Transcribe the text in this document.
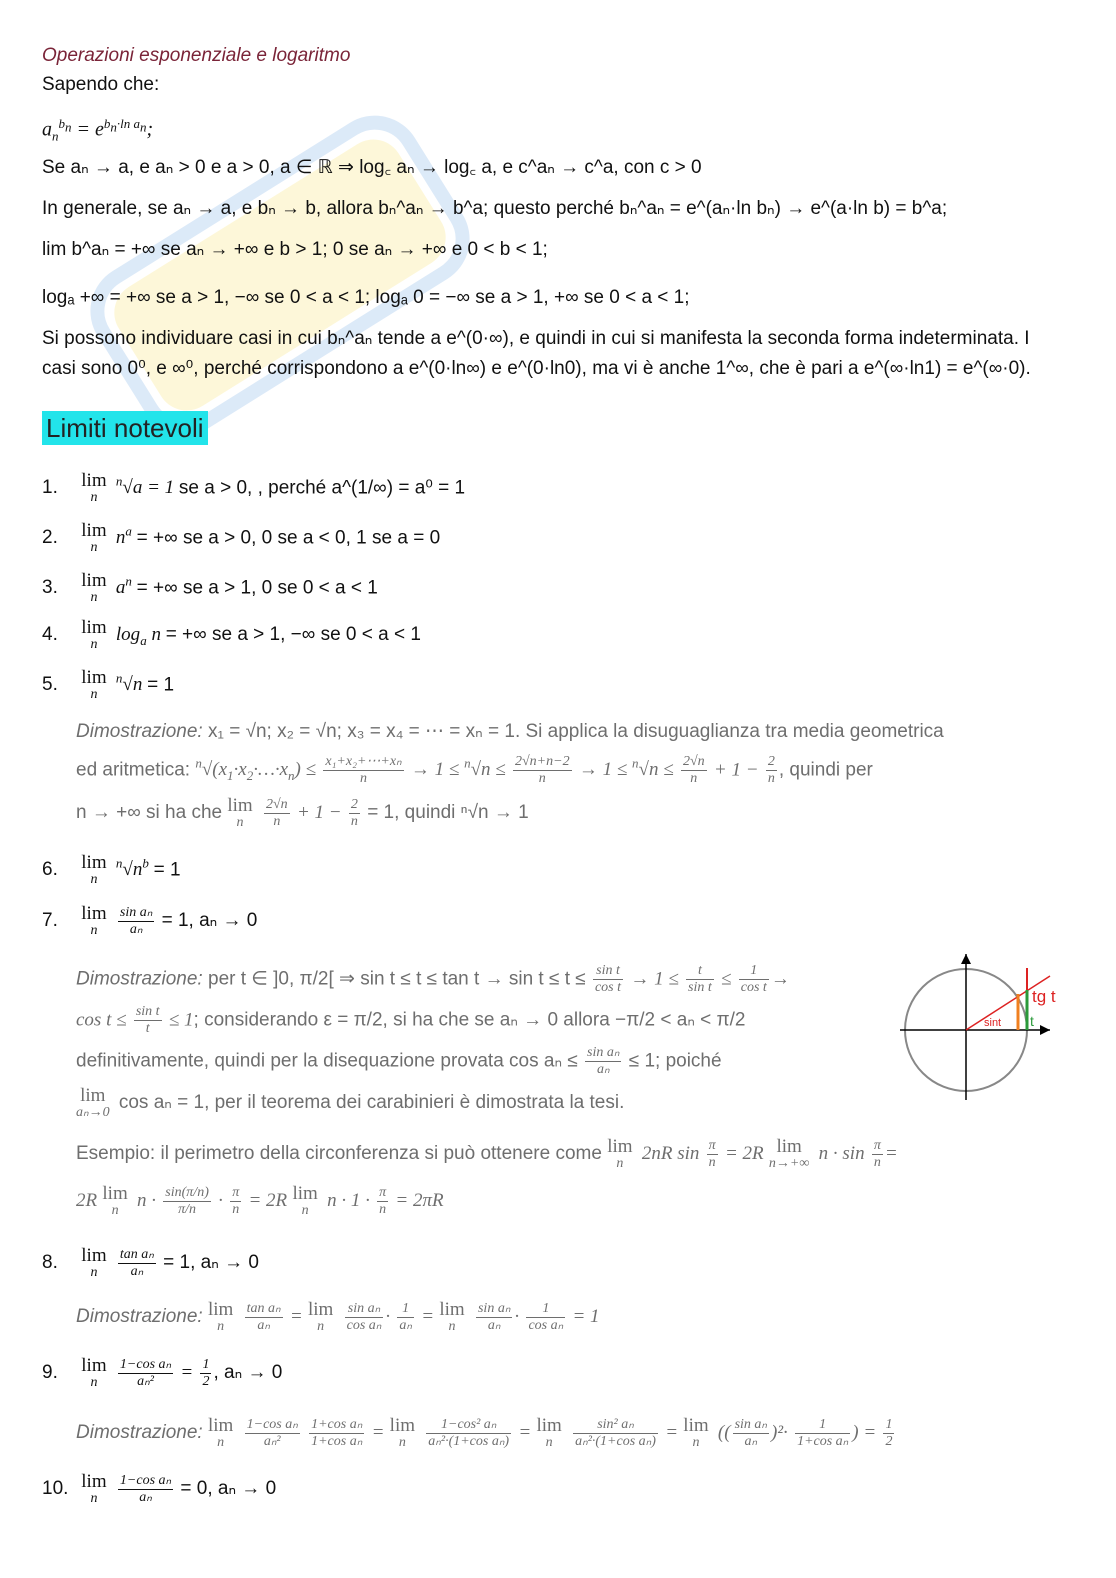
Operazioni esponenziale e logaritmo
Sapendo che:
$a_n^{b_n} = e^{b_n\cdot ln a_n}$;
Se aₙ → a, e aₙ > 0 e a > 0, a ∈ ℝ ⇒ log꜀ aₙ → log꜀ a, e c^aₙ → c^a, con c > 0
In generale, se aₙ → a, e bₙ → b, allora bₙ^aₙ → b^a; questo perché bₙ^aₙ = e^(aₙ·ln bₙ) → e^(a·ln b) = b^a;
lim b^aₙ = +∞ se aₙ → +∞ e b > 1; 0 se aₙ → +∞ e 0 < b < 1;
logₐ +∞ = +∞ se a > 1, −∞ se 0 < a < 1; logₐ 0 = −∞ se a > 1, +∞ se 0 < a < 1;
Si possono individuare casi in cui bₙ^aₙ tende a e^(0·∞), e quindi in cui si manifesta la seconda forma indeterminata. I
casi sono 0⁰, e ∞⁰, perché corrispondono a e^(0·ln∞) e e^(0·ln0), ma vi è anche 1^∞, che è pari a e^(∞·ln1) = e^(∞·0).
Limiti notevoli
1. lim
n
$^n$√a = 1 se a > 0, , perché a^(1/∞) = a⁰ = 1
2. lim
n $n^a$ = +∞ se a > 0, 0 se a < 0, 1 se a = 0
3. lim
n $a^n$ = +∞ se a > 1, 0 se 0 < a < 1
4. lim
n $\log_a n$ = +∞ se a > 1, −∞ se 0 < a < 1
5. lim
n
$^n$√n = 1
Dimostrazione: x₁ = √n; x₂ = √n; x₃ = x₄ = ⋯ = xₙ = 1. Si applica la disuguaglianza tra media geometrica
ed aritmetica: $^n√(x_1\cdot x_2\cdot\dots\cdot x_n) \le \frac{\text{x₁+x₂+⋯+xₙ}}{n} \to 1 \le ^n√n \le \frac{2√n+n-2}{n} \to 1 \le ^n√n \le \frac{2√n}{n} + 1 - \frac{2}{n}$ , quindi per
n → +∞ si ha che lim
n
	$\frac{2√n}{n} + 1 - \frac{2}{n} = 1$, quindi ⁿ√n → 1
6. lim
n
$^n√n^b = 1$
7. lim
n
	$\frac{\text{sin aₙ}}{\text{aₙ}} = 1$, aₙ → 0
Dimostrazione: per t ∈ ]0, π/2[ ⇒ $\sin t \le t \le \tan t \to \sin t \le t \le \frac{\text{sin t}}{\text{cos t}} \to 1 \le \frac{t}{\text{sin t}} \le \frac{1}{\text{cos t}}$ →
$\cos t \le \frac{\text{sin t}}{t} \le 1$; considerando ε = π/2, si ha che se aₙ → 0 allora −π/2 < aₙ < π/2
definitivamente, quindi per la disequazione provata $\cos a_n \le \frac{\text{sin aₙ}}{\text{aₙ}} \le 1$; poiché
lim
aₙ→0 cos aₙ = 1, per il teorema dei carabinieri è dimostrata la tesi.
Esempio: il perimetro della circonferenza si può ottenere come lim
n 2nR $\sin \frac{\pi}{n} = 2R$ lim
n→+∞ $n \cdot \sin \frac{\pi}{n}$ =
2R lim
n $n \cdot \frac{\sin(\pi/n)}{\pi/n} \cdot \frac{\pi}{n} = 2R$ lim
n $n \cdot 1 \cdot \frac{\pi}{n} = 2\pi R$
8. lim
n
	$\frac{\text{tan aₙ}}{\text{aₙ}} = 1$, aₙ → 0
Dimostrazione: lim
n
	$\frac{\text{tan aₙ}}{\text{aₙ}} = \lim$
n
	$\frac{\text{sin aₙ}}{\text{cos aₙ}} \cdot \frac{1}{\text{aₙ}} = \lim$
n
	$\frac{\text{sin aₙ}}{\text{aₙ}} \cdot \frac{1}{\text{cos aₙ}} = 1$
9. lim
n
	$\frac{\text{1−cos aₙ}}{\text{aₙ²}} = \frac{1}{2}$ , aₙ → 0
Dimostrazione: lim
n
	$\frac{\text{1−cos aₙ}}{\text{aₙ²}}$
$\frac{\text{1+cos aₙ}}{\text{1+cos aₙ}} = \lim$
n
	$\frac{\text{1−cos² aₙ}}{\text{aₙ²·(1+cos aₙ)}} = \lim$
n
	$\frac{\text{sin² aₙ}}{\text{aₙ²·(1+cos aₙ)}} = \lim$
n (( $\frac{\text{sin aₙ}}{\text{aₙ}} )^2\cdot \frac{1}{\text{1+cos aₙ}}$ ) = $\frac{1}{2}$
10. lim
n
	$\frac{\text{1−cos aₙ}}{\text{aₙ}} = 0$, aₙ → 0
sint
tg t
t
